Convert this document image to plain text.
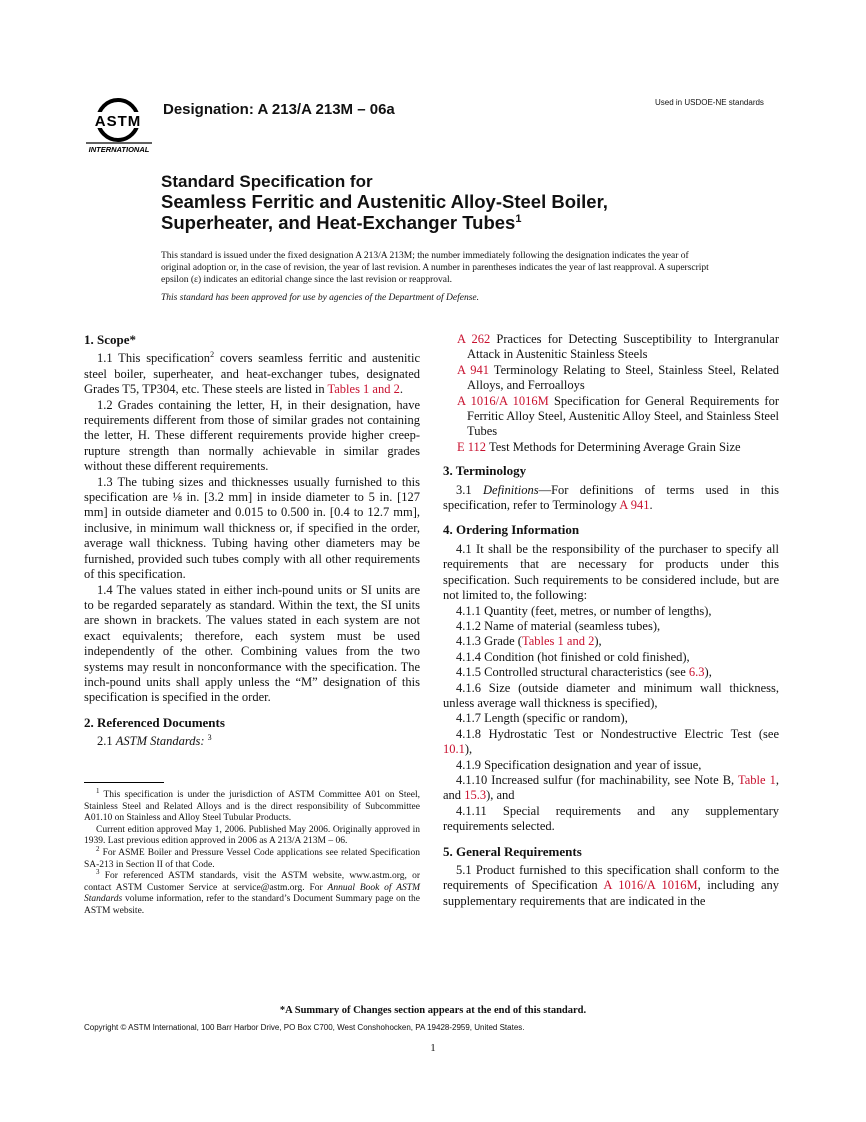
ASTM
INTERNATIONAL
Designation: A 213/A 213M – 06a	Used in USDOE-NE standards
Standard Specification for
Seamless Ferritic and Austenitic Alloy-Steel Boiler,
Superheater, and Heat-Exchanger Tubes$^1$
This standard is issued under the fixed designation A 213/A 213M; the number immediately following the designation indicates the year of original adoption or, in the case of revision, the year of last revision. A number in parentheses indicates the year of last reapproval. A superscript epsilon (ε) indicates an editorial change since the last revision or reapproval.
This standard has been approved for use by agencies of the Department of Defense.
1. Scope*

1.1 This specification$^2$ covers seamless ferritic and austenitic steel boiler, superheater, and heat-exchanger tubes, designated Grades T5, TP304, etc. These steels are listed in Tables 1 and 2.

1.2 Grades containing the letter, H, in their designation, have requirements different from those of similar grades not containing the letter, H. These different requirements provide higher creep-rupture strength than normally achievable in similar grades without these different requirements.

1.3 The tubing sizes and thicknesses usually furnished to this specification are ⅛ in. [3.2 mm] in inside diameter to 5 in. [127 mm] in outside diameter and 0.015 to 0.500 in. [0.4 to 12.7 mm], inclusive, in minimum wall thickness or, if specified in the order, average wall thickness. Tubing having other diameters may be furnished, provided such tubes comply with all other requirements of this specification.

1.4 The values stated in either inch-pound units or SI units are to be regarded separately as standard. Within the text, the SI units are shown in brackets. The values stated in each system are not exact equivalents; therefore, each system must be used independently of the other. Combining values from the two systems may result in nonconformance with the specification. The inch-pound units shall apply unless the “M” designation of this specification is specified in the order.

2. Referenced Documents

2.1 ASTM Standards: $^3$

$^1$ This specification is under the jurisdiction of ASTM Committee A01 on Steel, Stainless Steel and Related Alloys and is the direct responsibility of Subcommittee A01.10 on Stainless and Alloy Steel Tubular Products.

Current edition approved May 1, 2006. Published May 2006. Originally approved in 1939. Last previous edition approved in 2006 as A 213/A 213M – 06.

$^2$ For ASME Boiler and Pressure Vessel Code applications see related Specification SA-213 in Section II of that Code.

$^3$ For referenced ASTM standards, visit the ASTM website, www.astm.org, or contact ASTM Customer Service at service@astm.org. For Annual Book of ASTM Standards volume information, refer to the standard’s Document Summary page on the ASTM website.

A 262 Practices for Detecting Susceptibility to Intergranular Attack in Austenitic Stainless Steels

A 941 Terminology Relating to Steel, Stainless Steel, Related Alloys, and Ferroalloys

A 1016/A 1016M Specification for General Requirements for Ferritic Alloy Steel, Austenitic Alloy Steel, and Stainless Steel Tubes

E 112 Test Methods for Determining Average Grain Size

3. Terminology

3.1 Definitions—For definitions of terms used in this specification, refer to Terminology A 941.

4. Ordering Information

4.1 It shall be the responsibility of the purchaser to specify all requirements that are necessary for products under this specification. Such requirements to be considered include, but are not limited to, the following:

4.1.1 Quantity (feet, metres, or number of lengths),

4.1.2 Name of material (seamless tubes),

4.1.3 Grade (Tables 1 and 2),

4.1.4 Condition (hot finished or cold finished),

4.1.5 Controlled structural characteristics (see 6.3),

4.1.6 Size (outside diameter and minimum wall thickness, unless average wall thickness is specified),

4.1.7 Length (specific or random),

4.1.8 Hydrostatic Test or Nondestructive Electric Test (see 10.1),

4.1.9 Specification designation and year of issue,

4.1.10 Increased sulfur (for machinability, see Note B, Table 1, and 15.3), and

4.1.11 Special requirements and any supplementary requirements selected.

5. General Requirements

5.1 Product furnished to this specification shall conform to the requirements of Specification A 1016/A 1016M, including any supplementary requirements that are indicated in the

*A Summary of Changes section appears at the end of this standard.
Copyright © ASTM International, 100 Barr Harbor Drive, PO Box C700, West Conshohocken, PA 19428-2959, United States.
1
